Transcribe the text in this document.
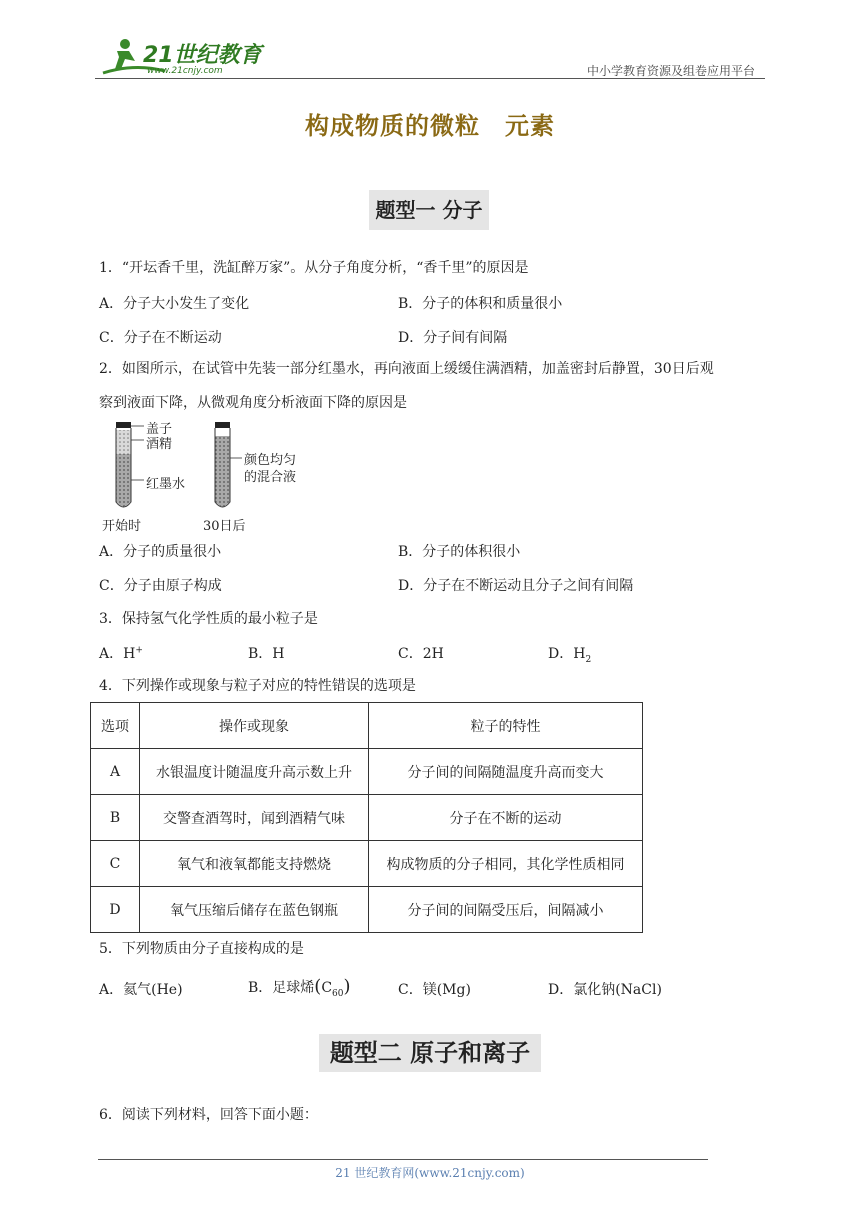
21世纪教育
www.21cnjy.com	中小学教育资源及组卷应用平台
构成物质的微粒　元素
题型一 分子
1．“开坛香千里，洗缸醉万家”。从分子角度分析，“香千里”的原因是
A．分子大小发生了变化	B．分子的体积和质量很小
C．分子在不断运动	D．分子间有间隔
2．如图所示，在试管中先装一部分红墨水，再向液面上缓缓住满酒精，加盖密封后静置，30日后观
察到液面下降，从微观角度分析液面下降的原因是
盖子
酒精
红墨水
颜色均匀
的混合液
开始时	30日后
A．分子的质量很小	B．分子的体积很小
C．分子由原子构成	D．分子在不断运动且分子之间有间隔
3．保持氢气化学性质的最小粒子是
A．H+	B．H	C．2H	D．$H_2$
4．下列操作或现象与粒子对应的特性错误的选项是
选项	操作或现象	粒子的特性
A	水银温度计随温度升高示数上升	分子间的间隔随温度升高而变大
B	交警查酒驾时，闻到酒精气味	分子在不断的运动
C	氧气和液氧都能支持燃烧	构成物质的分子相同，其化学性质相同
D	氧气压缩后储存在蓝色钢瓶	分子间的间隔受压后，间隔减小
5．下列物质由分子直接构成的是
A．氦气(He)	B．足球烯$(C_{60})$	C．镁(Mg)	D．氯化钠(NaCl)
题型二 原子和离子
6．阅读下列材料，回答下面小题：
21 世纪教育网(www.21cnjy.com)
